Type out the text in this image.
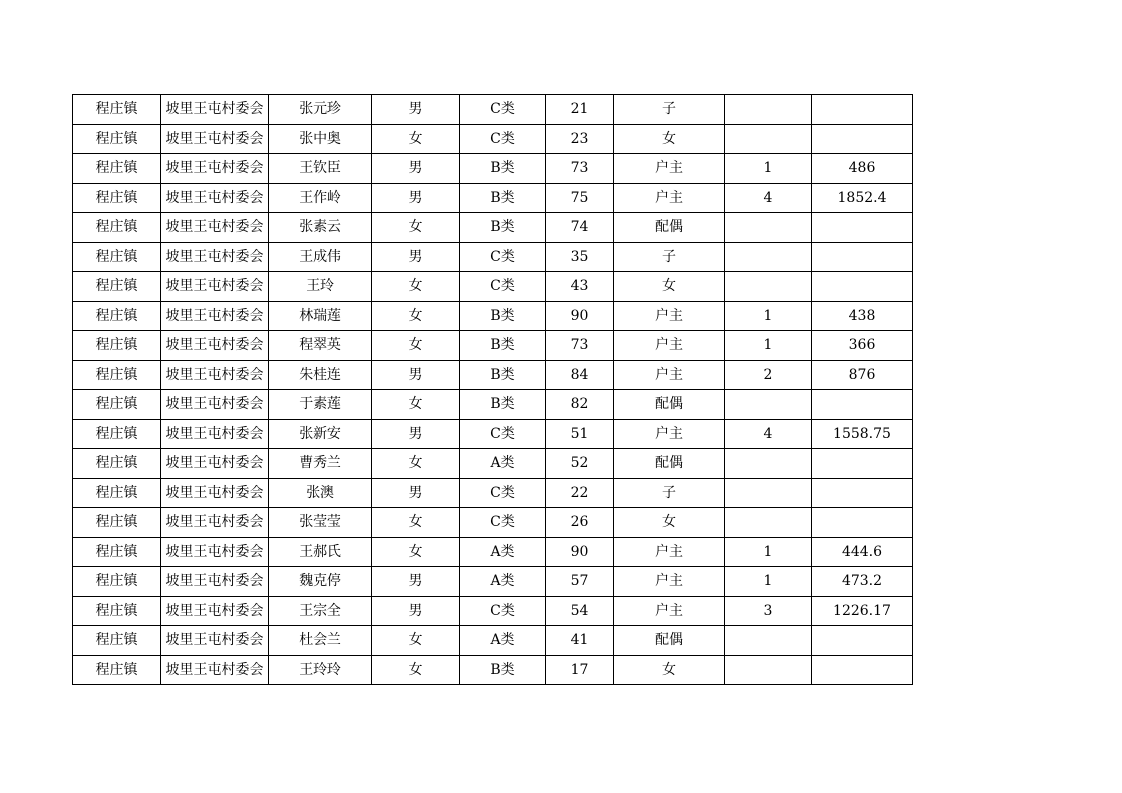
程庄镇	坡里王屯村委会	张元珍	男	C类	21	子		
程庄镇	坡里王屯村委会	张中奥	女	C类	23	女		
程庄镇	坡里王屯村委会	王钦臣	男	B类	73	户主	1	486
程庄镇	坡里王屯村委会	王作岭	男	B类	75	户主	4	1852.4
程庄镇	坡里王屯村委会	张素云	女	B类	74	配偶		
程庄镇	坡里王屯村委会	王成伟	男	C类	35	子		
程庄镇	坡里王屯村委会	王玲	女	C类	43	女		
程庄镇	坡里王屯村委会	林瑞莲	女	B类	90	户主	1	438
程庄镇	坡里王屯村委会	程翠英	女	B类	73	户主	1	366
程庄镇	坡里王屯村委会	朱桂连	男	B类	84	户主	2	876
程庄镇	坡里王屯村委会	于素莲	女	B类	82	配偶		
程庄镇	坡里王屯村委会	张新安	男	C类	51	户主	4	1558.75
程庄镇	坡里王屯村委会	曹秀兰	女	A类	52	配偶		
程庄镇	坡里王屯村委会	张澳	男	C类	22	子		
程庄镇	坡里王屯村委会	张莹莹	女	C类	26	女		
程庄镇	坡里王屯村委会	王郝氏	女	A类	90	户主	1	444.6
程庄镇	坡里王屯村委会	魏克停	男	A类	57	户主	1	473.2
程庄镇	坡里王屯村委会	王宗全	男	C类	54	户主	3	1226.17
程庄镇	坡里王屯村委会	杜会兰	女	A类	41	配偶		
程庄镇	坡里王屯村委会	王玲玲	女	B类	17	女		
